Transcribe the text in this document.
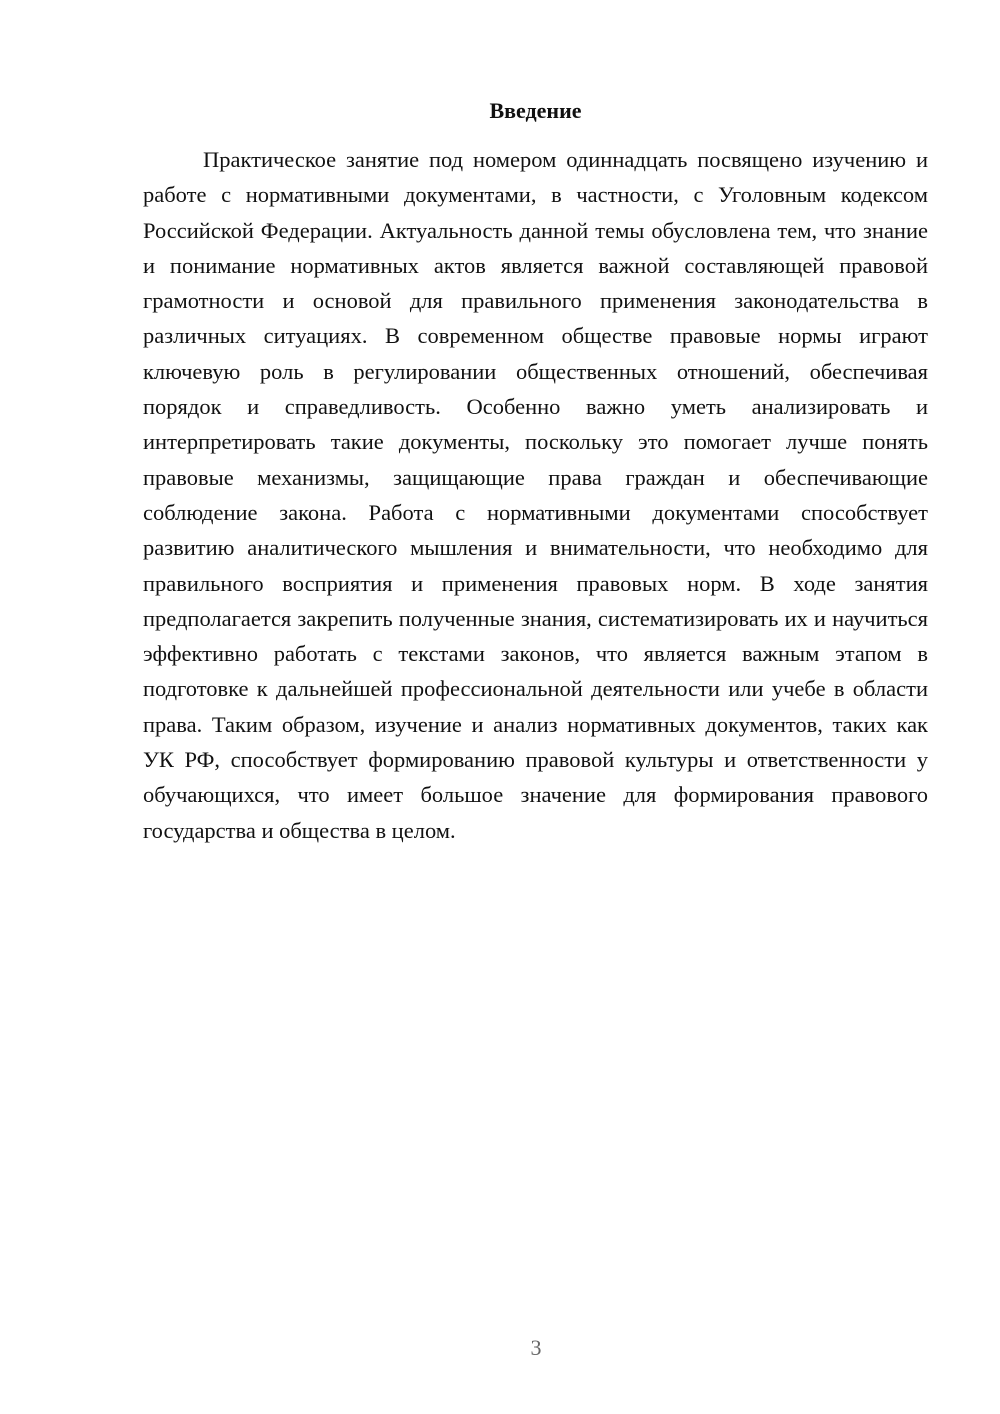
Введение

Практическое занятие под номером одиннадцать посвящено изучению и работе с нормативными документами, в частности, с Уголовным кодексом Российской Федерации. Актуальность данной темы обусловлена тем, что знание и понимание нормативных актов является важной составляющей правовой грамотности и основой для правильного применения законодательства в различных ситуациях. В современном обществе правовые нормы играют ключевую роль в регулировании общественных отношений, обеспечивая порядок и справедливость. Особенно важно уметь анализировать и интерпретировать такие документы, поскольку это помогает лучше понять правовые механизмы, защищающие права граждан и обеспечивающие соблюдение закона. Работа с нормативными документами способствует развитию аналитического мышления и внимательности, что необходимо для правильного восприятия и применения правовых норм. В ходе занятия предполагается закрепить полученные знания, систематизировать их и научиться эффективно работать с текстами законов, что является важным этапом в подготовке к дальнейшей профессиональной деятельности или учебе в области права. Таким образом, изучение и анализ нормативных документов, таких как УК РФ, способствует формированию правовой культуры и ответственности у обучающихся, что имеет большое значение для формирования правового государства и общества в целом.

3
